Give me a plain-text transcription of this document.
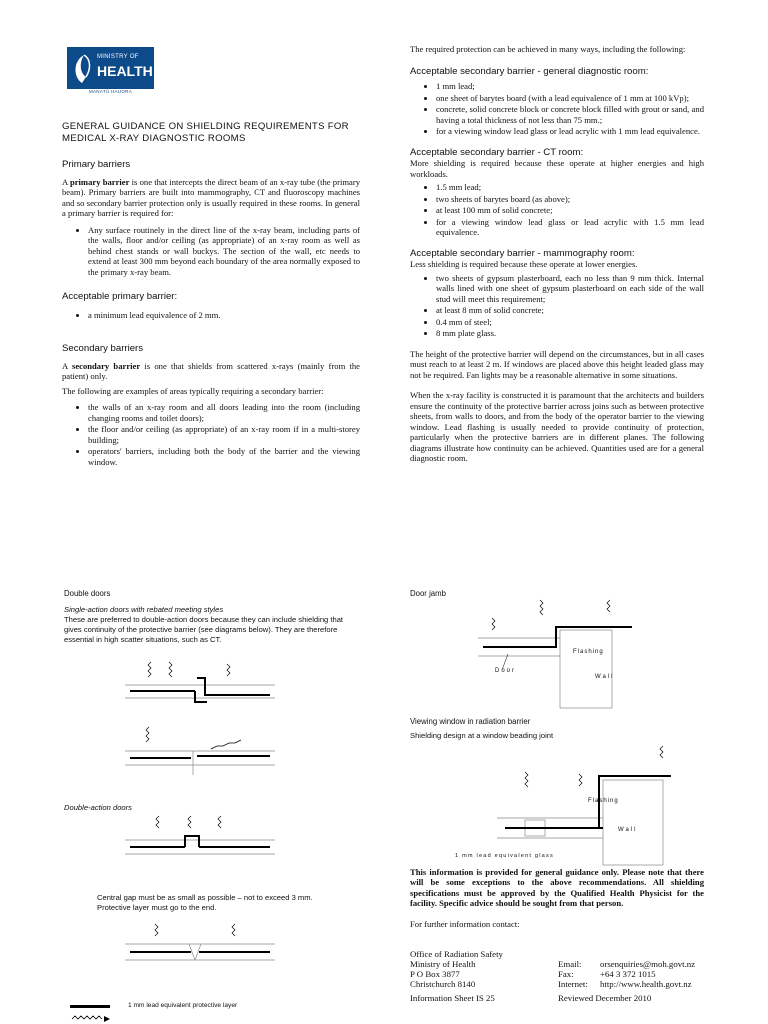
MINISTRY OF
HEALTH
MANATŪ HAUORA
GENERAL GUIDANCE ON SHIELDING REQUIREMENTS FOR MEDICAL X-RAY DIAGNOSTIC ROOMS
Primary barriers

A primary barrier is one that intercepts the direct beam of an x-ray tube (the primary beam). Primary barriers are built into mammography, CT and fluoroscopy machines and so secondary barrier protection only is usually required in these rooms. In general a primary barrier is required for:

• Any surface routinely in the direct line of the x-ray beam, including parts of the walls, floor and/or ceiling (as appropriate) of an x-ray room as well as behind chest stands or wall buckys. The section of the wall, etc needs to extend at least 300 mm beyond each boundary of the area normally exposed to the primary x-ray beam.
Acceptable primary barrier:
• a minimum lead equivalence of 2 mm.
Secondary barriers

A secondary barrier is one that shields from scattered x-rays (mainly from the patient) only.

The following are examples of areas typically requiring a secondary barrier:

• the walls of an x-ray room and all doors leading into the room (including changing rooms and toilet doors);
• the floor and/or ceiling (as appropriate) of an x-ray room if in a multi-storey building;
• operators' barriers, including both the body of the barrier and the viewing window.

The required protection can be achieved in many ways, including the following:

Acceptable secondary barrier - general diagnostic room:
• 1 mm lead;
• one sheet of barytes board (with a lead equivalence of 1 mm at 100 kVp);
• concrete, solid concrete block or concrete block filled with grout or sand, and having a total thickness of not less than 75 mm.;
• for a viewing window lead glass or lead acrylic with 1 mm lead equivalence.
Acceptable secondary barrier - CT room:

More shielding is required because these operate at higher energies and high workloads.

• 1.5 mm lead;
• two sheets of barytes board (as above);
• at least 100 mm of solid concrete;
• for a viewing window lead glass or lead acrylic with 1.5 mm lead equivalence.
Acceptable secondary barrier - mammography room:

Less shielding is required because these operate at lower energies.

• two sheets of gypsum plasterboard, each no less than 9 mm thick. Internal walls lined with one sheet of gypsum plasterboard on each side of the wall stud will meet this requirement;
• at least 8 mm of solid concrete;
• 0.4 mm of steel;
• 8 mm plate glass.

The height of the protective barrier will depend on the circumstances, but in all cases must reach to at least 2 m. If windows are placed above this height leaded glass may not be required. Fan lights may be a reasonable alternative in some situations.

When the x-ray facility is constructed it is paramount that the architects and builders ensure the continuity of the protective barrier across joins such as between protective sheets, from walls to doors, and from the body of the operator barrier to the viewing window. Lead flashing is usually needed to provide continuity of protection, particularly when the protective barriers are in different planes. The following diagrams illustrate how continuity can be achieved. Quantities used are for a general diagnostic room.

Double doors
Single-action doors with rebated meeting styles
These are preferred to double-action doors because they can include shielding that gives continuity of the protective barrier (see diagrams below). They are therefore essential in high scatter situations, such as CT.
Double-action doors
Central gap must be as small as possible – not to exceed 3 mm. Protective layer must go to the end.
1 mm lead equivalent protective layer
Door jamb
Flashing
Door
Wall
Viewing window in radiation barrier
Shielding design at a window beading joint
Flashing
Wall
1 mm lead equivalent glass

This information is provided for general guidance only. Please note that there will be some exceptions to the above recommendations. All shielding specifications must be approved by the Qualified Health Physicist for the facility. Specific advice should be sought from that person.

For further information contact:

Office of Radiation Safety
Ministry of Health
P O Box 3877
Christchurch 8140
Information Sheet IS 25
Email: orsenquiries@moh.govt.nz
Fax:	+64 3 372 1015
Internet: http://www.health.govt.nz
Reviewed December 2010
